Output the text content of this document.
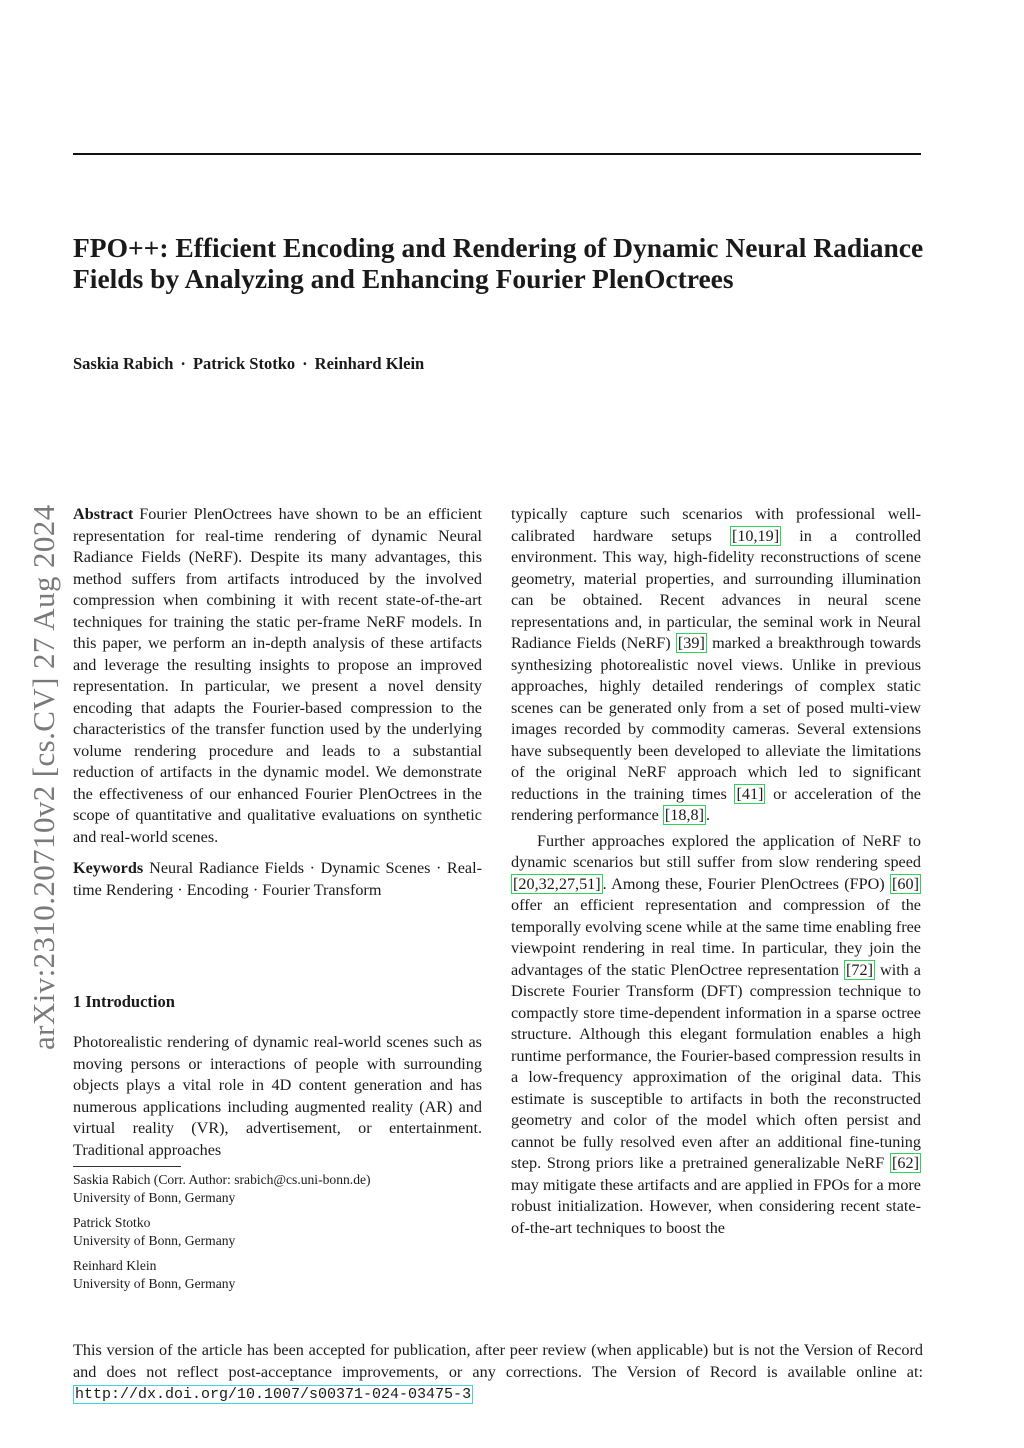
FPO++: Efficient Encoding and Rendering of Dynamic Neural Radiance Fields by Analyzing and Enhancing Fourier PlenOctrees
Saskia Rabich · Patrick Stotko · Reinhard Klein
arXiv:2310.20710v2 [cs.CV] 27 Aug 2024 Abstract Fourier PlenOctrees have shown to be an efficient representation for real-time rendering of dynamic Neural Radiance Fields (NeRF). Despite its many advantages, this method suffers from artifacts introduced by the involved compression when combining it with recent state-of-the-art techniques for training the static per-frame NeRF models. In this paper, we perform an in-depth analysis of these artifacts and leverage the resulting insights to propose an improved representation. In particular, we present a novel density encoding that adapts the Fourier-based compression to the characteristics of the transfer function used by the underlying volume rendering procedure and leads to a substantial reduction of artifacts in the dynamic model. We demonstrate the effectiveness of our enhanced Fourier PlenOctrees in the scope of quantitative and qualitative evaluations on synthetic and real-world scenes.

Keywords Neural Radiance Fields · Dynamic Scenes · Real-time Rendering · Encoding · Fourier Transform

1 Introduction

Photorealistic rendering of dynamic real-world scenes such as moving persons or interactions of people with surrounding objects plays a vital role in 4D content generation and has numerous applications including augmented reality (AR) and virtual reality (VR), advertisement, or entertainment. Traditional approaches

Saskia Rabich (Corr. Author: srabich@cs.uni-bonn.de)
University of Bonn, Germany
Patrick Stotko
University of Bonn, Germany
Reinhard Klein
University of Bonn, Germany

typically capture such scenarios with professional well-calibrated hardware setups [10,19] in a controlled environment. This way, high-fidelity reconstructions of scene geometry, material properties, and surrounding illumination can be obtained. Recent advances in neural scene representations and, in particular, the seminal work in Neural Radiance Fields (NeRF) [39] marked a breakthrough towards synthesizing photorealistic novel views. Unlike in previous approaches, highly detailed renderings of complex static scenes can be generated only from a set of posed multi-view images recorded by commodity cameras. Several extensions have subsequently been developed to alleviate the limitations of the original NeRF approach which led to significant reductions in the training times [41] or acceleration of the rendering performance [18,8] .

Further approaches explored the application of NeRF to dynamic scenarios but still suffer from slow rendering speed [20,32,27,51] . Among these, Fourier PlenOctrees (FPO) [60] offer an efficient representation and compression of the temporally evolving scene while at the same time enabling free viewpoint rendering in real time. In particular, they join the advantages of the static PlenOctree representation [72] with a Discrete Fourier Transform (DFT) compression technique to compactly store time-dependent information in a sparse octree structure. Although this elegant formulation enables a high runtime performance, the Fourier-based compression results in a low-frequency approximation of the original data. This estimate is susceptible to artifacts in both the reconstructed geometry and color of the model which often persist and cannot be fully resolved even after an additional fine-tuning step. Strong priors like a pretrained generalizable NeRF [62] may mitigate these artifacts and are applied in FPOs for a more robust initialization. However, when considering recent state-of-the-art techniques to boost the

This version of the article has been accepted for publication, after peer review (when applicable) but is not the Version of Record and does not reflect post-acceptance improvements, or any corrections. The Version of Record is available online at: http://dx.doi.org/10.1007/s00371-024-03475-3
